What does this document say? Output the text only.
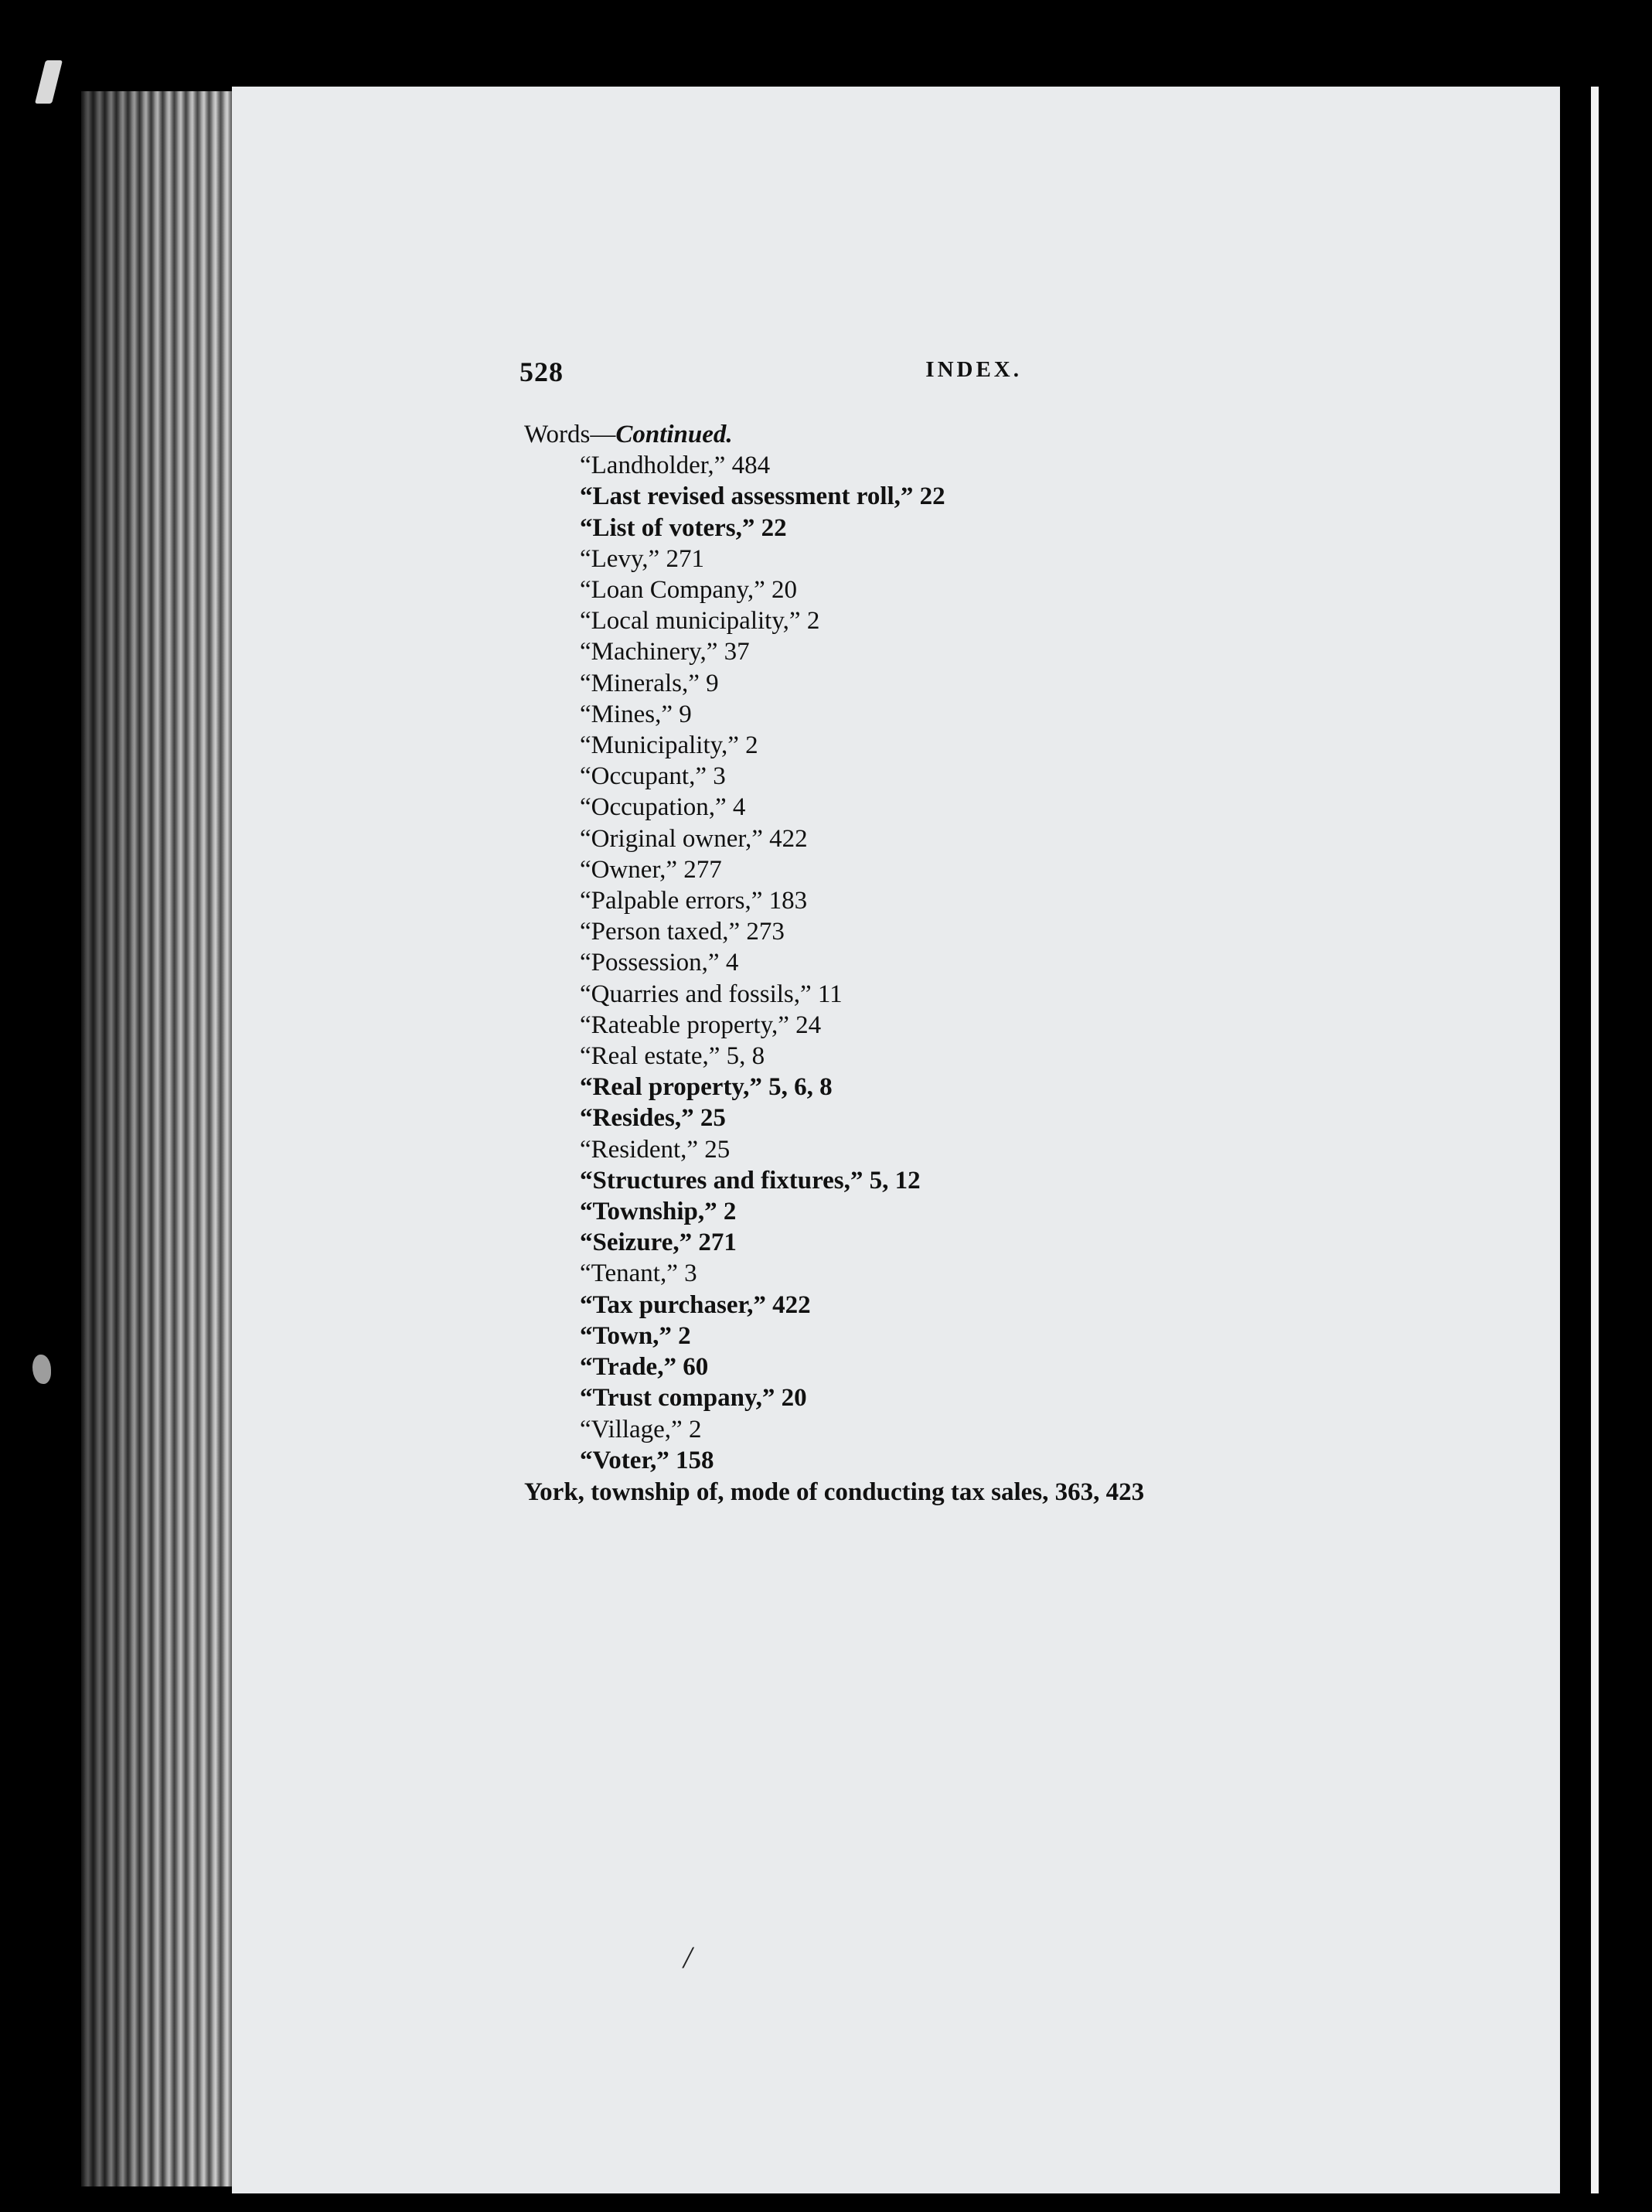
528	INDEX.
Words—Continued.
“Landholder,” 484
“Last revised assessment roll,” 22
“List of voters,” 22
“Levy,” 271
“Loan Company,” 20
“Local municipality,” 2
“Machinery,” 37
“Minerals,” 9
“Mines,” 9
“Municipality,” 2
“Occupant,” 3
“Occupation,” 4
“Original owner,” 422
“Owner,” 277
“Palpable errors,” 183
“Person taxed,” 273
“Possession,” 4
“Quarries and fossils,” 11
“Rateable property,” 24
“Real estate,” 5, 8
“Real property,” 5, 6, 8
“Resides,” 25
“Resident,” 25
“Structures and fixtures,” 5, 12
“Township,” 2
“Seizure,” 271
“Tenant,” 3
“Tax purchaser,” 422
“Town,” 2
“Trade,” 60
“Trust company,” 20
“Village,” 2
“Voter,” 158
York, township of, mode of conducting tax sales, 363, 423
/
